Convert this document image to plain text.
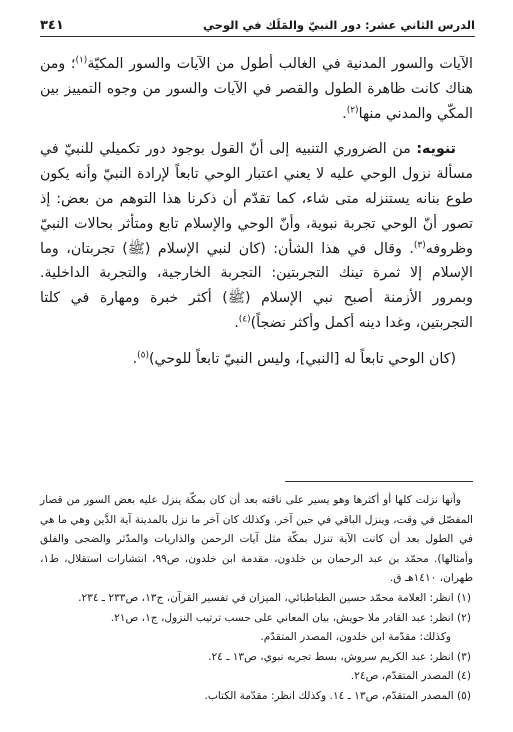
الدرس الثاني عشر: دور النبيّ والمَلَك في الوحي
٣٤١

الآيات والسور المدنية في الغالب أطول من الآيات والسور المكيّة$^{(١)}$؛ ومن هناك كانت ظاهرة الطول والقصر في الآيات والسور من وجوه التمييز بين المكّي والمدني منها$^{(٢)}$.

تنويه: من الضروري التنبيه إلى أنّ القول بوجود دور تكميلي للنبيّ في مسألة نزول الوحي عليه لا يعني اعتبار الوحي تابعاً لإرادة النبيّ وأنه يكون طوع بنانه يستنزله متى شاء، كما تقدّم أن ذكرنا هذا التوهم من بعض: إذ تصور أنّ الوحي تجربة نبوية، وأنّ الوحي والإسلام تابع ومتأثر بحالات النبيّ وظروفه$^{(٣)}$. وقال في هذا الشأن: (كان لنبي الإسلام (ﷺ) تجربتان، وما الإسلام إلا ثمرة تينك التجربتين: التجربة الخارجية، والتجربة الداخلية. وبمرور الأزمنة أصبح نبي الإسلام (ﷺ) أكثر خبرة ومهارة في كلتا التجربتين، وغدا دينه أكمل وأكثر نضجاً)$^{(٤)}$.

(كان الوحي تابعاً له [النبي]، وليس النبيّ تابعاً للوحي)$^{(٥)}$.

وأنها نزلت كلها أو أكثرها وهو يسير على ناقته بعد أن كان بمكّة ينزل عليه بعض السور من قصار المفصّل في وقت، وينزل الباقي في حين آخر. وكذلك كان آخر ما نزل بالمدينة آية الدَّين وهي ما هي في الطول بعد أن كانت الآية تنزل بمكّة مثل آيات الرحمن والذاريات والمدّثر والضحى والفلق وأمثالها). محمّد بن عبد الرحمان بن خلدون، مقدمة ابن خلدون، ص٩٩، انتشارات استقلال، ط١، طهران، ١٤١٠هـ ق.

(١) انظر: العلامة محمّد حسين الطباطبائي، الميزان في تفسير القرآن، ج١٣، ص٢٣٣ ـ ٢٣٤.

(٢) انظر: عبد القادر ملا حويش، بيان المعاني على حسب ترتيب النزول، ج١، ص٢١.

وكذلك: مقدّمة ابن خلدون، المصدر المتقدّم.

(٣) انظر: عبد الكريم سروش، بسط تجربه نبوي، ص١٣ ـ ٢٤.

(٤) المصدر المتقدّم، ص٢٤.

(٥) المصدر المتقدّم، ص١٣ ـ ١٤. وكذلك انظر: مقدّمة الكتاب.
